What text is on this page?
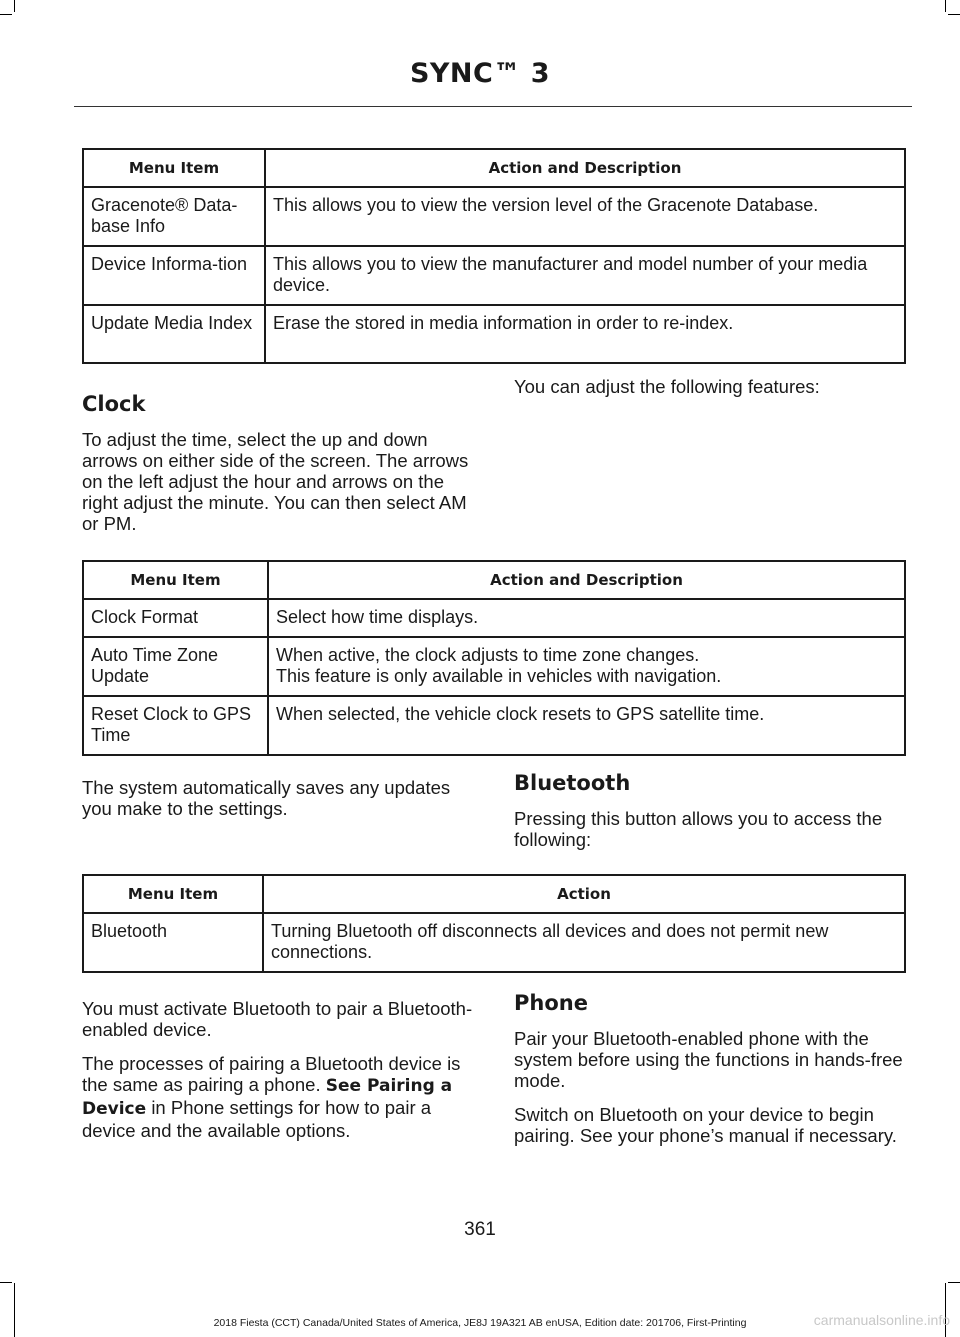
SYNC™ 3
Menu Item	Action and Description
Gracenote® Data-base Info	This allows you to view the version level of the Gracenote Database.
Device Informa-tion	This allows you to view the manufacturer and model number of your media device.
Update Media Index	Erase the stored in media information in order to re-index.
Clock

To adjust the time, select the up and down arrows on either side of the screen. The arrows on the left adjust the hour and arrows on the right adjust the minute. You can then select AM or PM.

You can adjust the following features:

Menu Item	Action and Description
Clock Format	Select how time displays.
Auto Time Zone Update	When active, the clock adjusts to time zone changes.
This feature is only available in vehicles with navigation.

Reset Clock to GPS Time	When selected, the vehicle clock resets to GPS satellite time.

The system automatically saves any updates you make to the settings.

Bluetooth

Pressing this button allows you to access the following:

Menu Item	Action
Bluetooth	Turning Bluetooth off disconnects all devices and does not permit new connections.

You must activate Bluetooth to pair a Bluetooth-enabled device.

The processes of pairing a Bluetooth device is the same as pairing a phone. See Pairing a Device in Phone settings for how to pair a device and the available options.

Phone

Pair your Bluetooth-enabled phone with the system before using the functions in hands-free mode.

Switch on Bluetooth on your device to begin pairing. See your phone’s manual if necessary.

361
2018 Fiesta (CCT) Canada/United States of America, JE8J 19A321 AB enUSA, Edition date: 201706, First-Printing	carmanualsonline.info
